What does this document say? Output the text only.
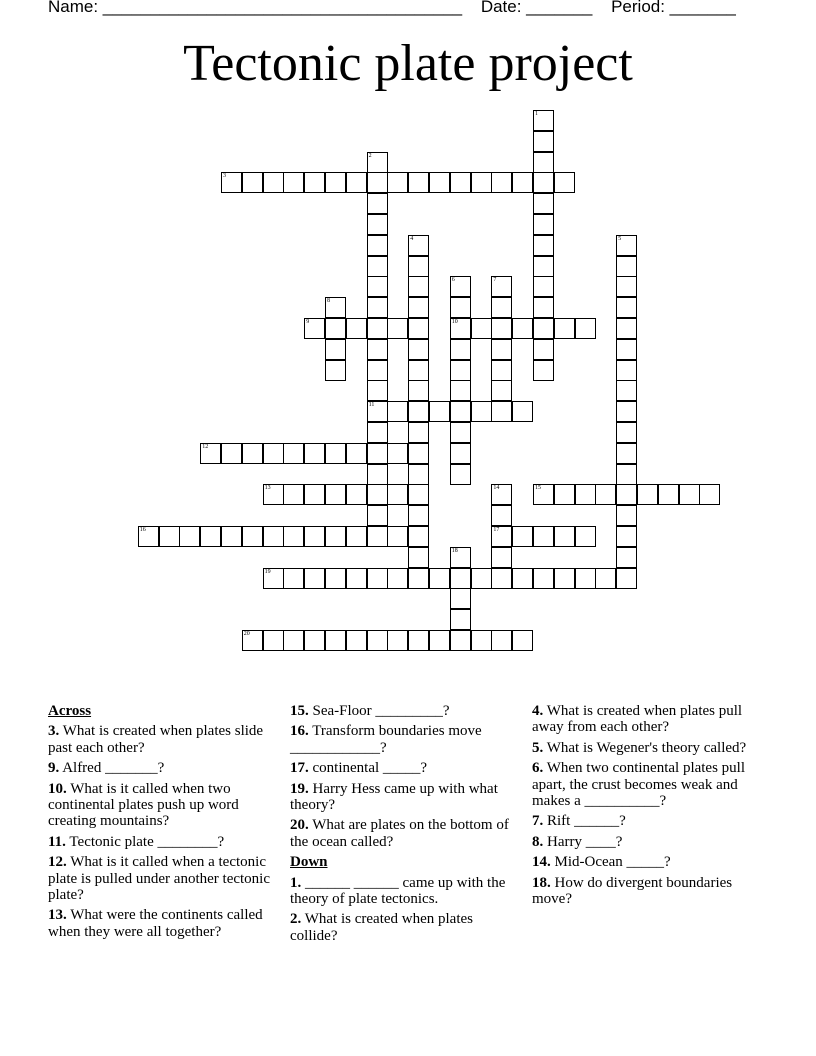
Name: ______________________________________ Date: _______ Period: _______
Tectonic plate project
1
2
11
3
4	5
6
10
7
8
9
12
13	14
17
15
16
18
19
20
Across
3. What is created when plates slide past each other?
9. Alfred _______?
10. What is it called when two continental plates push up word creating mountains?
11. Tectonic plate ________?
12. What is it called when a tectonic plate is pulled under another tectonic plate?
13. What were the continents called when they were all together?
15. Sea-Floor _________?
16. Transform boundaries move ____________?
17. continental _____?
19. Harry Hess came up with what theory?
20. What are plates on the bottom of the ocean called?
Down
1. ______ ______ came up with the theory of plate tectonics.
2. What is created when plates collide?
4. What is created when plates pull away from each other?
5. What is Wegener's theory called?
6. When two continental plates pull apart, the crust becomes weak and makes a __________?
7. Rift ______?
8. Harry ____?
14. Mid-Ocean _____?
18. How do divergent boundaries move?
